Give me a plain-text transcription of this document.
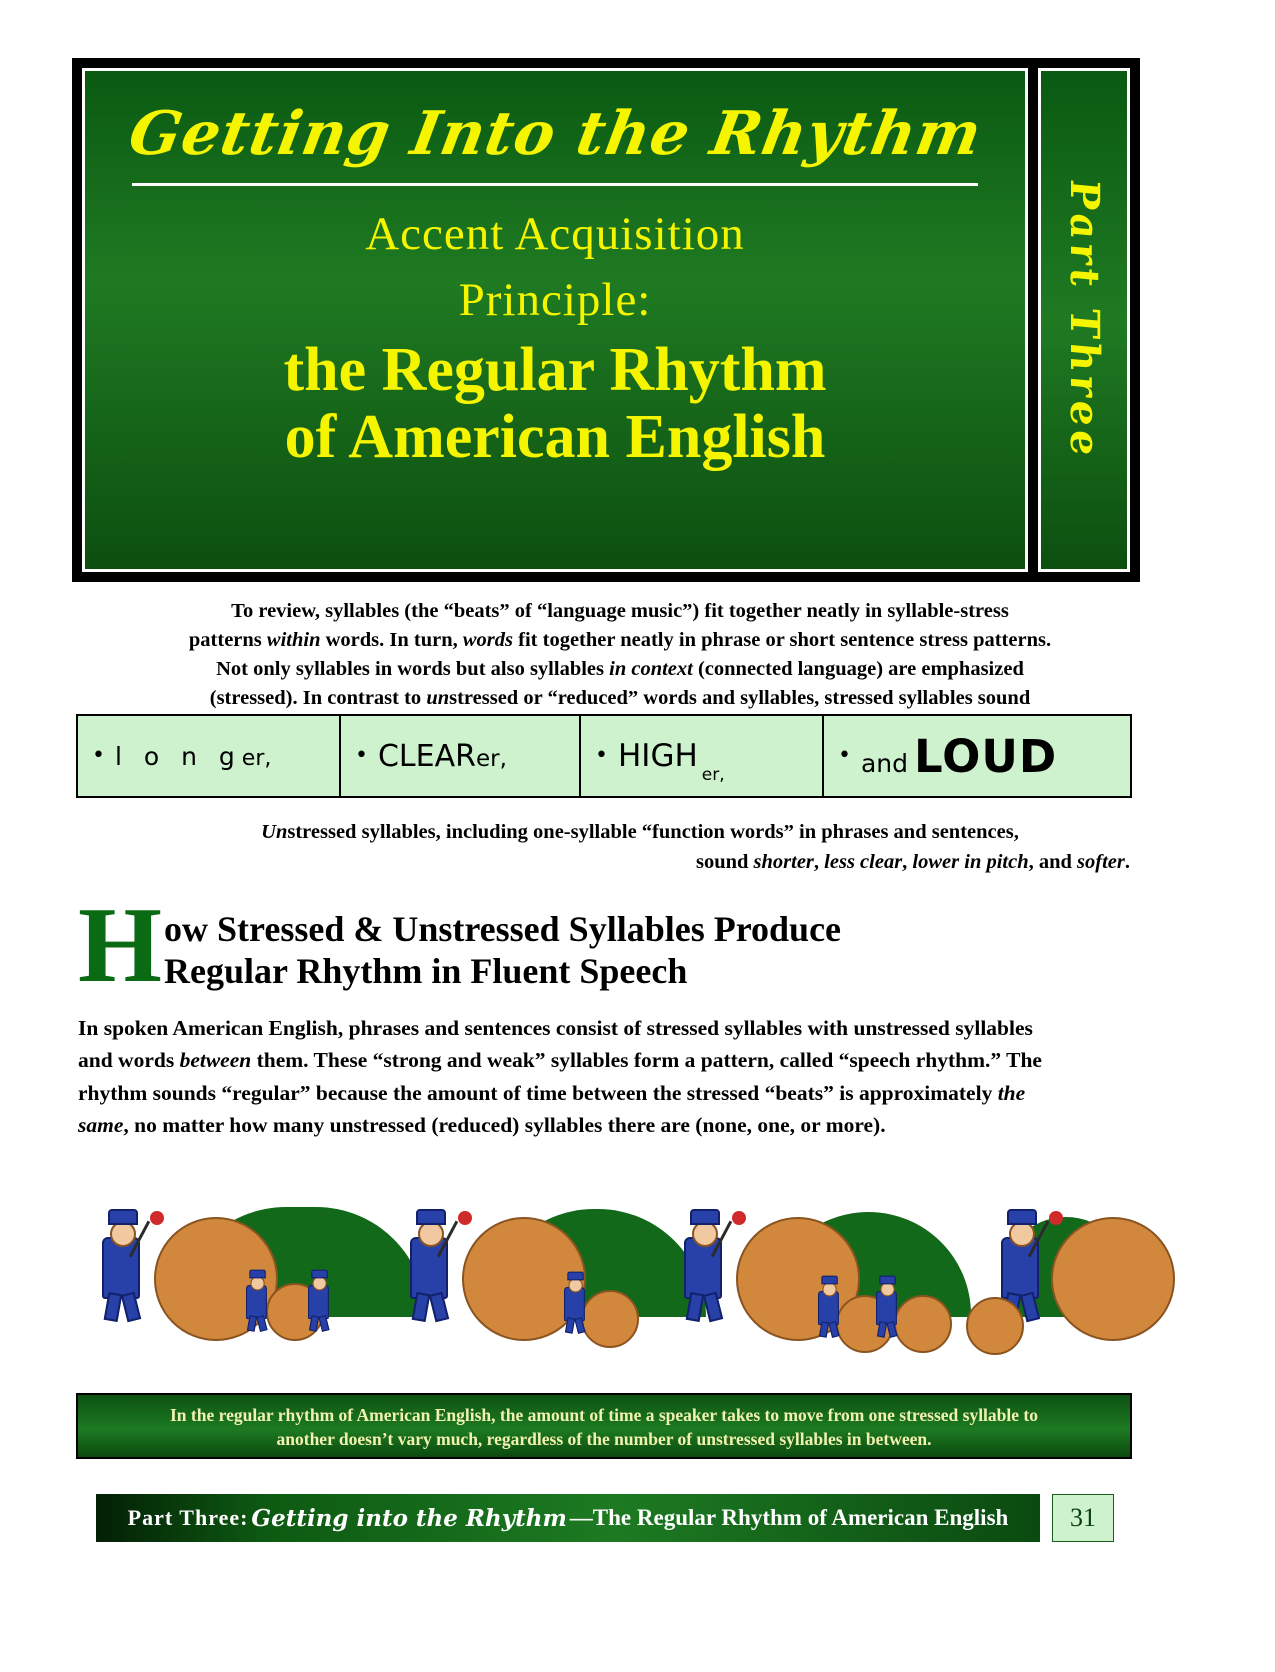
Getting Into the Rhythm
Accent Acquisition
Principle:
the Regular Rhythm
of American English	Part Three
To review, syllables (the “beats” of “language music”) fit together neatly in syllable-stress
patterns within words. In turn, words fit together neatly in phrase or short sentence stress patterns.
Not only syllables in words but also syllables in context (connected language) are emphasized
(stressed). In contrast to unstressed or “reduced” words and syllables, stressed syllables sound
• l o n ger,	• CLEARer,	• $HIGH_{er,}$
• and LOUD
Unstressed syllables, including one-syllable “function words” in phrases and sentences,
sound shorter, less clear, lower in pitch, and softer.
H ow Stressed & Unstressed Syllables Produce
Regular Rhythm in Fluent Speech
In spoken American English, phrases and sentences consist of stressed syllables with unstressed syllables and words between them. These “strong and weak” syllables form a pattern, called “speech rhythm.” The rhythm sounds “regular” because the amount of time between the stressed “beats” is approximately the same, no matter how many unstressed (reduced) syllables there are (none, one, or more).
In the regular rhythm of American English, the amount of time a speaker takes to move from one stressed syllable to
another doesn’t vary much, regardless of the number of unstressed syllables in between.
Part Three: Getting into the Rhythm —The Regular Rhythm of American English	31
